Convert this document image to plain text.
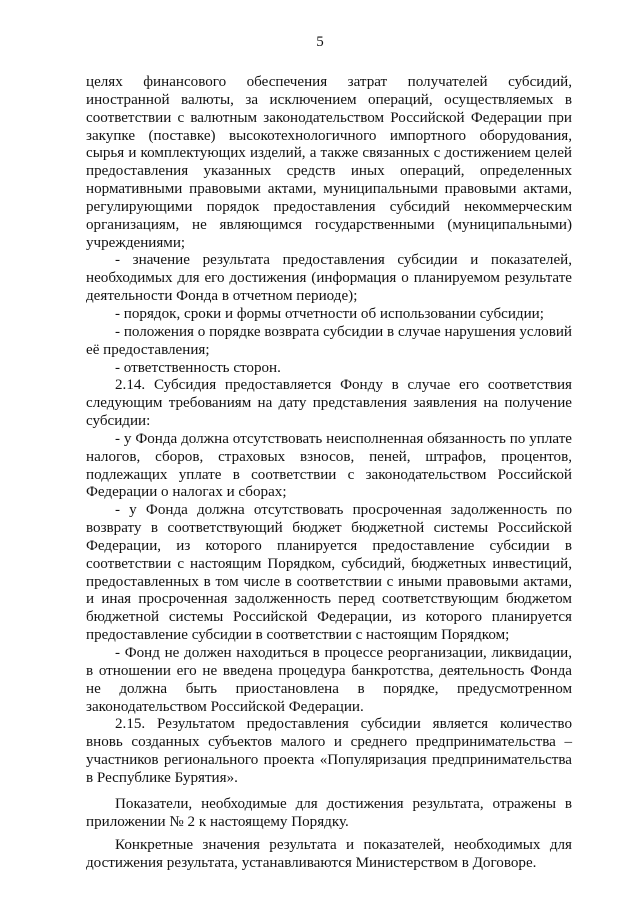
5

целях финансового обеспечения затрат получателей субсидий, иностранной валюты, за исключением операций, осуществляемых в соответствии с валютным законодательством Российской Федерации при закупке (поставке) высокотехнологичного импортного оборудования, сырья и комплектующих изделий, а также связанных с достижением целей предоставления указанных средств иных операций, определенных нормативными правовыми актами, муниципальными правовыми актами, регулирующими порядок предоставления субсидий некоммерческим организациям, не являющимся государственными (муниципальными) учреждениями;

- значение результата предоставления субсидии и показателей, необходимых для его достижения (информация о планируемом результате деятельности Фонда в отчетном периоде);

- порядок, сроки и формы отчетности об использовании субсидии;

- положения о порядке возврата субсидии в случае нарушения условий её предоставления;

- ответственность сторон.

2.14. Субсидия предоставляется Фонду в случае его соответствия следующим требованиям на дату представления заявления на получение субсидии:

- у Фонда должна отсутствовать неисполненная обязанность по уплате налогов, сборов, страховых взносов, пеней, штрафов, процентов, подлежащих уплате в соответствии с законодательством Российской Федерации о налогах и сборах;

- у Фонда должна отсутствовать просроченная задолженность по возврату в соответствующий бюджет бюджетной системы Российской Федерации, из которого планируется предоставление субсидии в соответствии с настоящим Порядком, субсидий, бюджетных инвестиций, предоставленных в том числе в соответствии с иными правовыми актами, и иная просроченная задолженность перед соответствующим бюджетом бюджетной системы Российской Федерации, из которого планируется предоставление субсидии в соответствии с настоящим Порядком;

- Фонд не должен находиться в процессе реорганизации, ликвидации, в отношении его не введена процедура банкротства, деятельность Фонда не должна быть приостановлена в порядке, предусмотренном законодательством Российской Федерации.

2.15. Результатом предоставления субсидии является количество вновь созданных субъектов малого и среднего предпринимательства – участников регионального проекта «Популяризация предпринимательства в Республике Бурятия».

Показатели, необходимые для достижения результата, отражены в приложении № 2 к настоящему Порядку.

Конкретные значения результата и показателей, необходимых для достижения результата, устанавливаются Министерством в Договоре.
